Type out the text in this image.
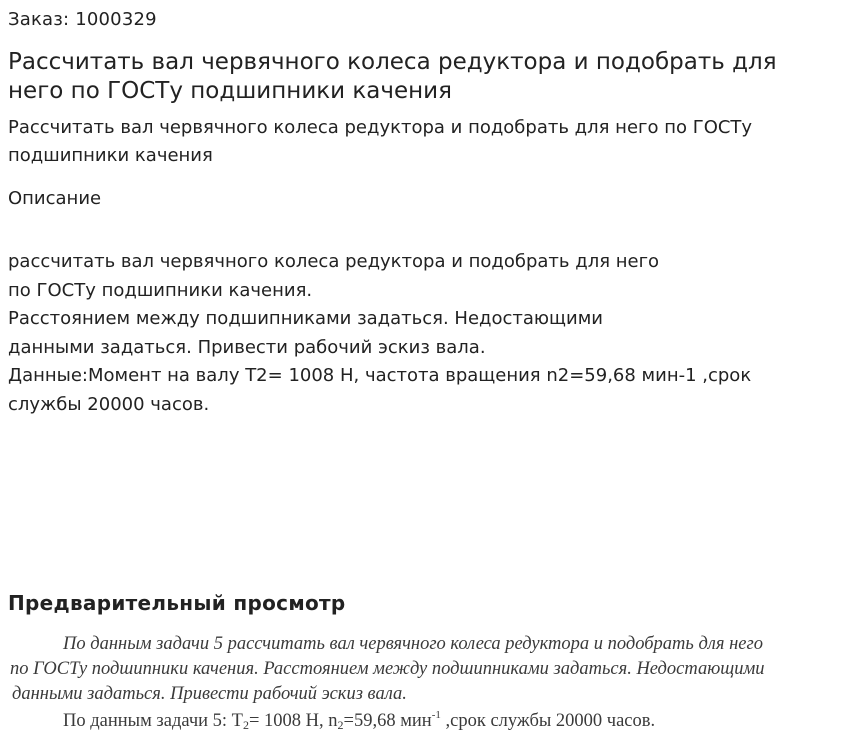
Заказ: 1000329
Рассчитать вал червячного колеса редуктора и подобрать для него по ГОСТу подшипники качения

Рассчитать вал червячного колеса редуктора и подобрать для него по ГОСТу подшипники качения

Описание
рассчитать вал червячного колеса редуктора и подобрать для него
по ГОСТу подшипники качения.
Расстоянием между подшипниками задаться. Недостающими
данными задаться. Привести рабочий эскиз вала.
Данные:Момент на валу Т2= 1008 Н, частота вращения n2=59,68 мин-1 ,срок
службы 20000 часов.
Предварительный просмотр
По данным задачи 5 рассчитать вал червячного колеса редуктора и подобрать для него
по ГОСТу подшипники качения. Расстоянием между подшипниками задаться. Недостающими
данными задаться. Привести рабочий эскиз вала.
По данным задачи 5: $Т_2= 1008$ Н, $n_2=59,68$ мин$^{-1}$ ,срок службы 20000 часов.
